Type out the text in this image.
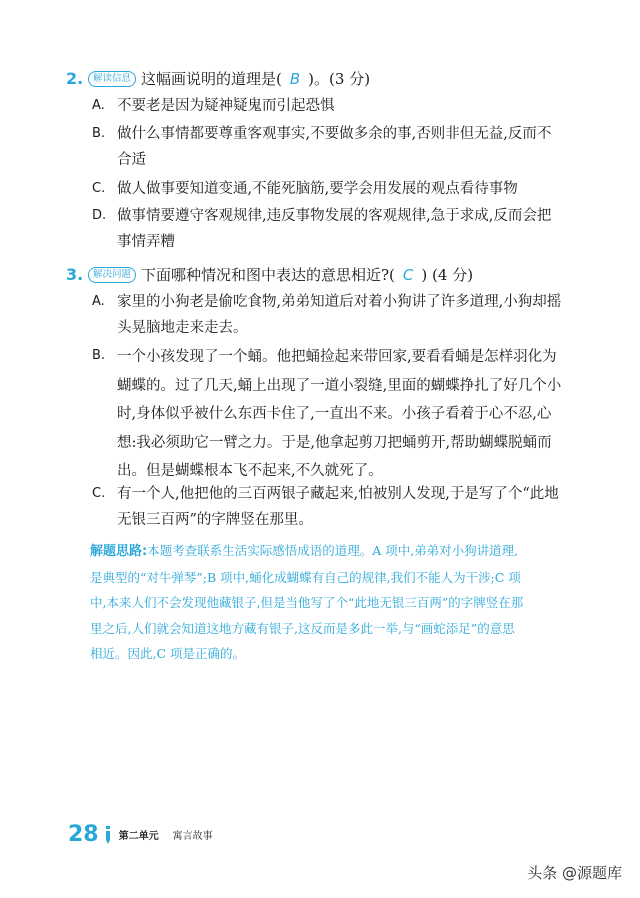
2.	解读信息 这幅画说明的道理是( B )。(3 分)
A. 不要老是因为疑神疑鬼而引起恐惧
B. 做什么事情都要尊重客观事实,不要做多余的事,否则非但无益,反而不
合适
C. 做人做事要知道变通,不能死脑筋,要学会用发展的观点看待事物
D. 做事情要遵守客观规律,违反事物发展的客观规律,急于求成,反而会把
事情弄糟
3.	解决问题 下面哪种情况和图中表达的意思相近?( C ) (4 分)
A. 家里的小狗老是偷吃食物,弟弟知道后对着小狗讲了许多道理,小狗却摇
头晃脑地走来走去。
B. 一个小孩发现了一个蛹。他把蛹捡起来带回家,要看看蛹是怎样羽化为
蝴蝶的。过了几天,蛹上出现了一道小裂缝,里面的蝴蝶挣扎了好几个小
时,身体似乎被什么东西卡住了,一直出不来。小孩子看着于心不忍,心
想:我必须助它一臂之力。于是,他拿起剪刀把蛹剪开,帮助蝴蝶脱蛹而
出。但是蝴蝶根本飞不起来,不久就死了。
C. 有一个人,他把他的三百两银子藏起来,怕被别人发现,于是写了个“此地
无银三百两”的字牌竖在那里。
解题思路:本题考查联系生活实际感悟成语的道理。A 项中,弟弟对小狗讲道理,
是典型的“对牛弹琴”;B 项中,蛹化成蝴蝶有自己的规律,我们不能人为干涉;C 项
中,本来人们不会发现他藏银子,但是当他写了个“此地无银三百两”的字牌竖在那
里之后,人们就会知道这地方藏有银子,这反而是多此一举,与“画蛇添足”的意思
相近。因此,C 项是正确的。
28 第二单元 寓言故事
头条 @源题库
